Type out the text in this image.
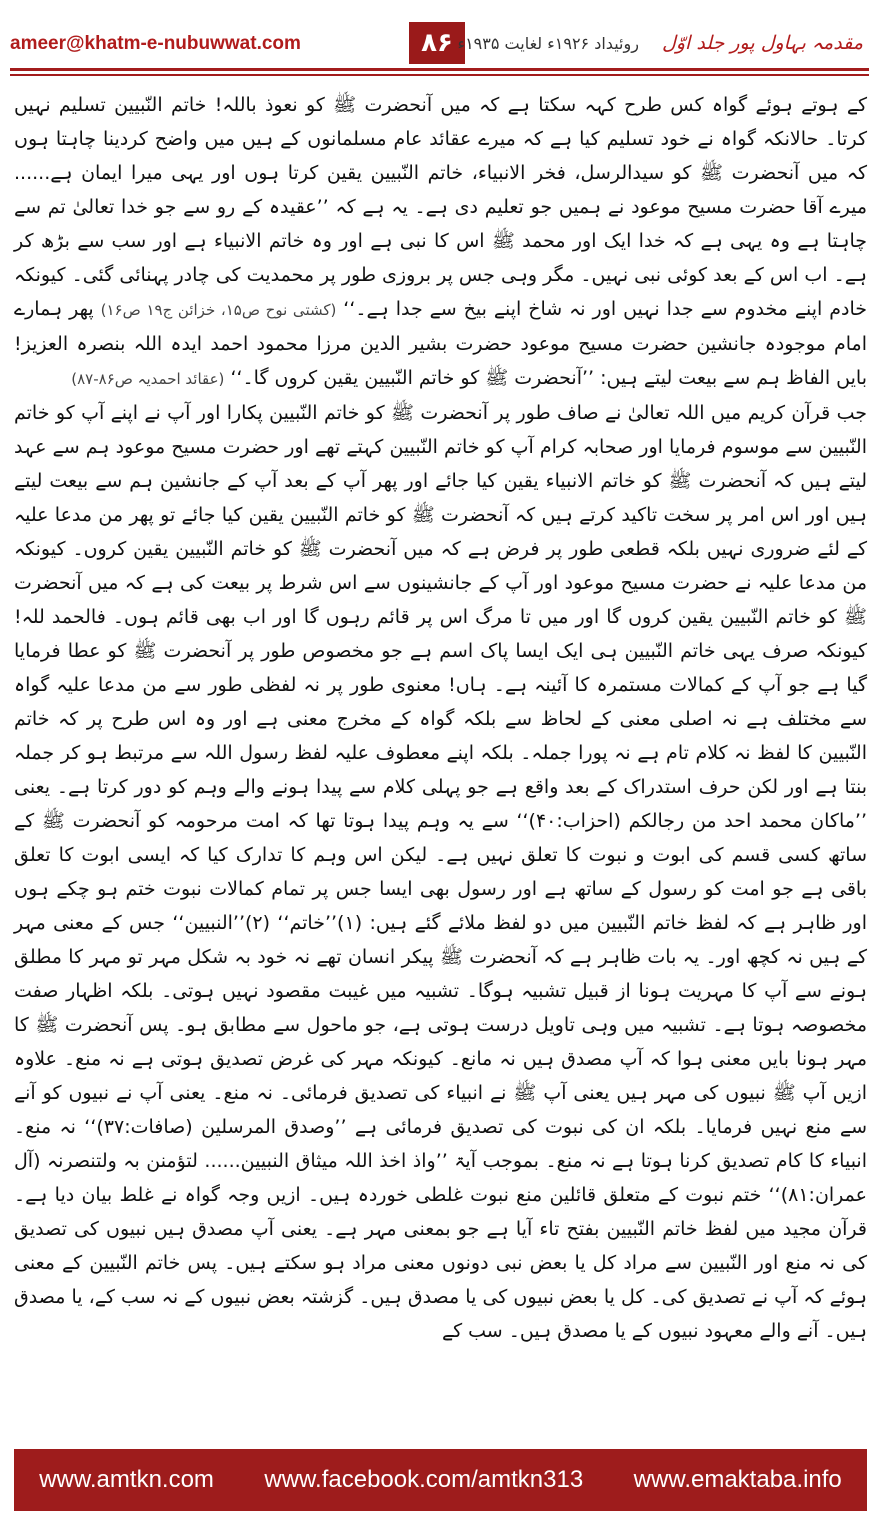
ameer@khatm-e-nubuwwat.com	۸۶	مقدمہ بہاول پور جلد اوّل روئیداد ۱۹۲۶ء لغایت ۱۹۳۵ء

کے ہوتے ہوئے گواہ کس طرح کہہ سکتا ہے کہ میں آنحضرت ﷺ کو نعوذ باللہ! خاتم النّبیین تسلیم نہیں کرتا۔ حالانکہ گواہ نے خود تسلیم کیا ہے کہ میرے عقائد عام مسلمانوں کے ہیں میں واضح کردینا چاہتا ہوں کہ میں آنحضرت ﷺ کو سیدالرسل، فخر الانبیاء، خاتم النّبیین یقین کرتا ہوں اور یہی میرا ایمان ہے...... میرے آقا حضرت مسیح موعود نے ہمیں جو تعلیم دی ہے۔ یہ ہے کہ ’’عقیدہ کے رو سے جو خدا تعالیٰ تم سے چاہتا ہے وہ یہی ہے کہ خدا ایک اور محمد ﷺ اس کا نبی ہے اور وہ خاتم الانبیاء ہے اور سب سے بڑھ کر ہے۔ اب اس کے بعد کوئی نبی نہیں۔ مگر وہی جس پر بروزی طور پر محمدیت کی چادر پہنائی گئی۔ کیونکہ خادم اپنے مخدوم سے جدا نہیں اور نہ شاخ اپنے بیخ سے جدا ہے۔‘‘ (کشتی نوح ص۱۵، خزائن ج۱۹ ص۱۶) پھر ہمارے امام موجودہ جانشین حضرت مسیح موعود حضرت بشیر الدین مرزا محمود احمد ایدہ اللہ بنصرہ العزیز! بایں الفاظ ہم سے بیعت لیتے ہیں: ’’آنحضرت ﷺ کو خاتم النّبیین یقین کروں گا۔‘‘ (عقائد احمدیہ ص۸۶-۸۷)

جب قرآن کریم میں اللہ تعالیٰ نے صاف طور پر آنحضرت ﷺ کو خاتم النّبیین پکارا اور آپ نے اپنے آپ کو خاتم النّبیین سے موسوم فرمایا اور صحابہ کرام آپ کو خاتم النّبیین کہتے تھے اور حضرت مسیح موعود ہم سے عہد لیتے ہیں کہ آنحضرت ﷺ کو خاتم الانبیاء یقین کیا جائے اور پھر آپ کے بعد آپ کے جانشین ہم سے بیعت لیتے ہیں اور اس امر پر سخت تاکید کرتے ہیں کہ آنحضرت ﷺ کو خاتم النّبیین یقین کیا جائے تو پھر من مدعا علیہ کے لئے ضروری نہیں بلکہ قطعی طور پر فرض ہے کہ میں آنحضرت ﷺ کو خاتم النّبیین یقین کروں۔ کیونکہ من مدعا علیہ نے حضرت مسیح موعود اور آپ کے جانشینوں سے اس شرط پر بیعت کی ہے کہ میں آنحضرت ﷺ کو خاتم النّبیین یقین کروں گا اور میں تا مرگ اس پر قائم رہوں گا اور اب بھی قائم ہوں۔ فالحمد للہ! کیونکہ صرف یہی خاتم النّبیین ہی ایک ایسا پاک اسم ہے جو مخصوص طور پر آنحضرت ﷺ کو عطا فرمایا گیا ہے جو آپ کے کمالات مستمرہ کا آئینہ ہے۔ ہاں! معنوی طور پر نہ لفظی طور سے من مدعا علیہ گواہ سے مختلف ہے نہ اصلی معنی کے لحاظ سے بلکہ گواہ کے مخرج معنی ہے اور وہ اس طرح پر کہ خاتم النّبیین کا لفظ نہ کلام تام ہے نہ پورا جملہ۔ بلکہ اپنے معطوف علیہ لفظ رسول اللہ سے مرتبط ہو کر جملہ بنتا ہے اور لکن حرف استدراک کے بعد واقع ہے جو پہلی کلام سے پیدا ہونے والے وہم کو دور کرتا ہے۔ یعنی ’’ماکان محمد احد من رجالکم (احزاب:۴۰)‘‘ سے یہ وہم پیدا ہوتا تھا کہ امت مرحومہ کو آنحضرت ﷺ کے ساتھ کسی قسم کی ابوت و نبوت کا تعلق نہیں ہے۔ لیکن اس وہم کا تدارک کیا کہ ایسی ابوت کا تعلق باقی ہے جو امت کو رسول کے ساتھ ہے اور رسول بھی ایسا جس پر تمام کمالات نبوت ختم ہو چکے ہوں اور ظاہر ہے کہ لفظ خاتم النّبیین میں دو لفظ ملائے گئے ہیں: (۱)’’خاتم‘‘ (۲)’’النبیین‘‘ جس کے معنی مہر کے ہیں نہ کچھ اور۔ یہ بات ظاہر ہے کہ آنحضرت ﷺ پیکر انسان تھے نہ خود بہ شکل مہر تو مہر کا مطلق ہونے سے آپ کا مہریت ہونا از قبیل تشبیہ ہوگا۔ تشبیہ میں غیبت مقصود نہیں ہوتی۔ بلکہ اظہار صفت مخصوصہ ہوتا ہے۔ تشبیہ میں وہی تاویل درست ہوتی ہے، جو ماحول سے مطابق ہو۔ پس آنحضرت ﷺ کا مہر ہونا بایں معنی ہوا کہ آپ مصدق ہیں نہ مانع۔ کیونکہ مہر کی غرض تصدیق ہوتی ہے نہ منع۔ علاوہ ازیں آپ ﷺ نبیوں کی مہر ہیں یعنی آپ ﷺ نے انبیاء کی تصدیق فرمائی۔ نہ منع۔ یعنی آپ نے نبیوں کو آنے سے منع نہیں فرمایا۔ بلکہ ان کی نبوت کی تصدیق فرمائی ہے ’’وصدق المرسلین (صافات:۳۷)‘‘ نہ منع۔ انبیاء کا کام تصدیق کرنا ہوتا ہے نہ منع۔ بموجب آیۃ ’’واذ اخذ اللہ میثاق النبیین...... لتؤمنن بہ ولتنصرنہ (آل عمران:۸۱)‘‘ ختم نبوت کے متعلق قائلین منع نبوت غلطی خوردہ ہیں۔ ازیں وجہ گواہ نے غلط بیان دیا ہے۔ قرآن مجید میں لفظ خاتم النّبیین بفتح تاء آیا ہے جو بمعنی مہر ہے۔ یعنی آپ مصدق ہیں نبیوں کی تصدیق کی نہ منع اور النّبیین سے مراد کل یا بعض نبی دونوں معنی مراد ہو سکتے ہیں۔ پس خاتم النّبیین کے معنی ہوئے کہ آپ نے تصدیق کی۔ کل یا بعض نبیوں کی یا مصدق ہیں۔ گزشتہ بعض نبیوں کے نہ سب کے، یا مصدق ہیں۔ آنے والے معہود نبیوں کے یا مصدق ہیں۔ سب کے

www.amtkn.com www.facebook.com/amtkn313 www.emaktaba.info
